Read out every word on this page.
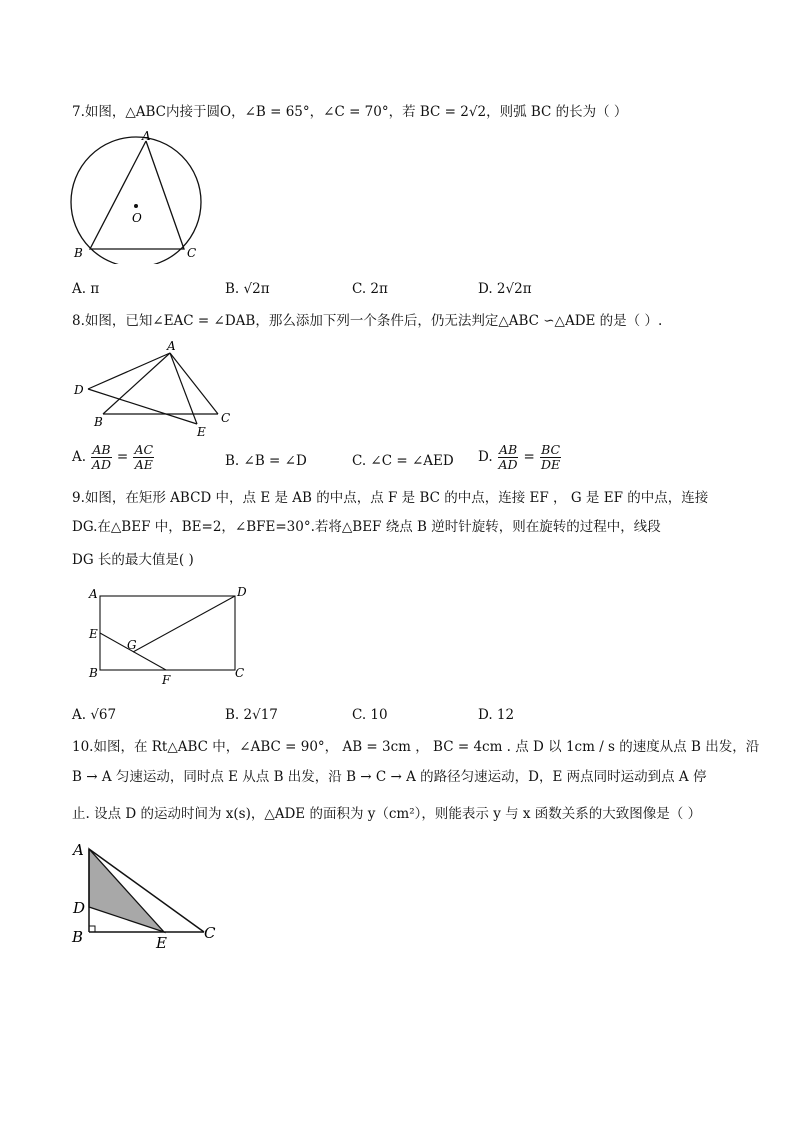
7.如图，△ABC内接于圆O，∠B = 65°，∠C = 70°，若 BC = 2√2，则弧 BC 的长为（ ）
A
O
B	C
A. π	B. √2π	C. 2π	D. 2√2π
8.如图，已知∠EAC = ∠DAB，那么添加下列一个条件后，仍无法判定△ABC ∽△ADE 的是（ ）.
A
D
B	C
E
A. $\frac{AB}{AD} = \frac{AC}{AE}$	B. ∠B = ∠D	C. ∠C = ∠AED D. $\frac{AB}{AD} = \frac{BC}{DE}$
9.如图，在矩形 ABCD 中，点 E 是 AB 的中点，点 F 是 BC 的中点，连接 EF ， G 是 EF 的中点，连接
DG.在△BEF 中，BE=2，∠BFE=30°.若将△BEF 绕点 B 逆时针旋转，则在旋转的过程中，线段
DG 长的最大值是( )
A	D
E
G
B	F	C
A. √67	B. 2√17	C. 10	D. 12
10.如图，在 Rt△ABC 中，∠ABC = 90°， AB = 3cm ， BC = 4cm . 点 D 以 1cm / s 的速度从点 B 出发，沿
B → A 匀速运动，同时点 E 从点 B 出发，沿 B → C → A 的路径匀速运动，D，E 两点同时运动到点 A 停
止. 设点 D 的运动时间为 x(s)，△ADE 的面积为 y（cm²），则能表示 y 与 x 函数关系的大致图像是（ ）
A
D
B	E
C
